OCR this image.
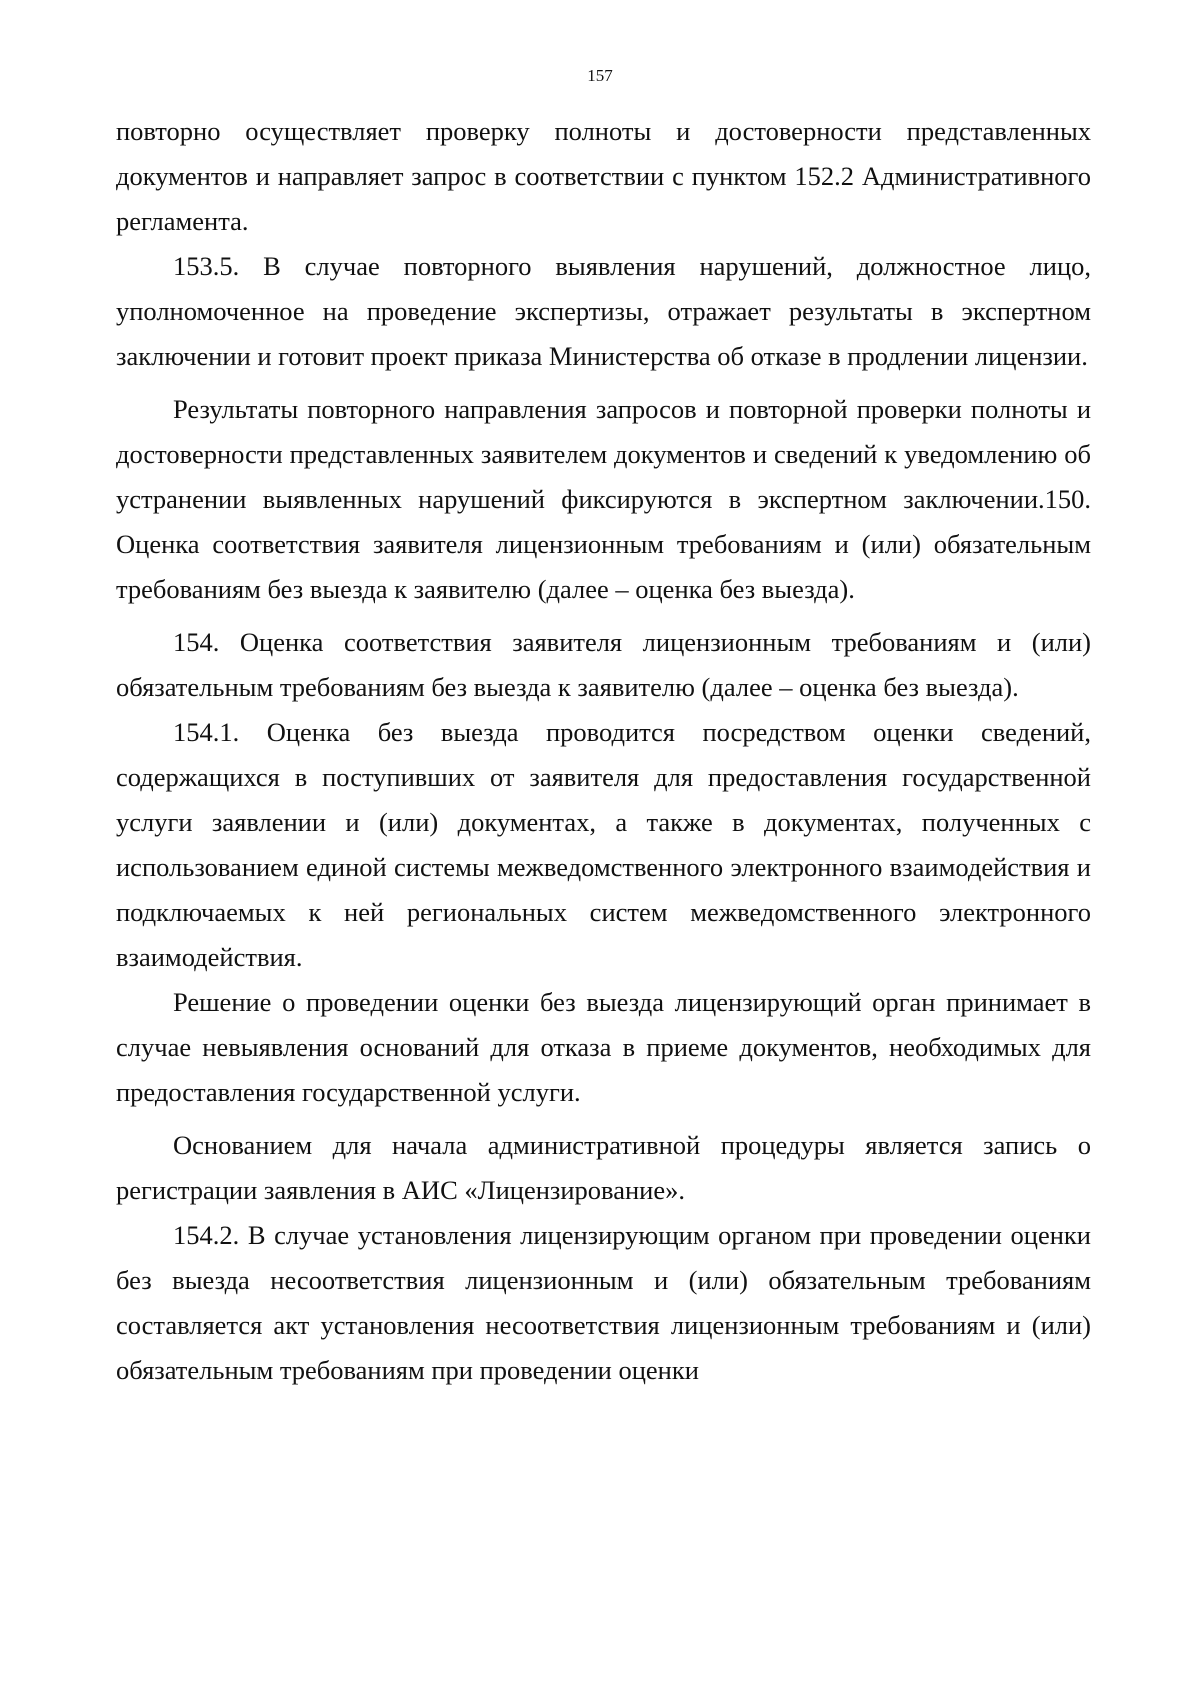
157

повторно осуществляет проверку полноты и достоверности представленных документов и направляет запрос в соответствии с пунктом 152.2 Административного регламента.

153.5. В случае повторного выявления нарушений, должностное лицо, уполномоченное на проведение экспертизы, отражает результаты в экспертном заключении и готовит проект приказа Министерства об отказе в продлении лицензии.

Результаты повторного направления запросов и повторной проверки полноты и достоверности представленных заявителем документов и сведений к уведомлению об устранении выявленных нарушений фиксируются в экспертном заключении.150. Оценка соответствия заявителя лицензионным требованиям и (или) обязательным требованиям без выезда к заявителю (далее – оценка без выезда).

154. Оценка соответствия заявителя лицензионным требованиям и (или) обязательным требованиям без выезда к заявителю (далее – оценка без выезда).

154.1. Оценка без выезда проводится посредством оценки сведений, содержащихся в поступивших от заявителя для предоставления государственной услуги заявлении и (или) документах, а также в документах, полученных с использованием единой системы межведомственного электронного взаимодействия и подключаемых к ней региональных систем межведомственного электронного взаимодействия.

Решение о проведении оценки без выезда лицензирующий орган принимает в случае невыявления оснований для отказа в приеме документов, необходимых для предоставления государственной услуги.

Основанием для начала административной процедуры является запись о регистрации заявления в АИС «Лицензирование».

154.2. В случае установления лицензирующим органом при проведении оценки без выезда несоответствия лицензионным и (или) обязательным требованиям составляется акт установления несоответствия лицензионным требованиям и (или) обязательным требованиям при проведении оценки
